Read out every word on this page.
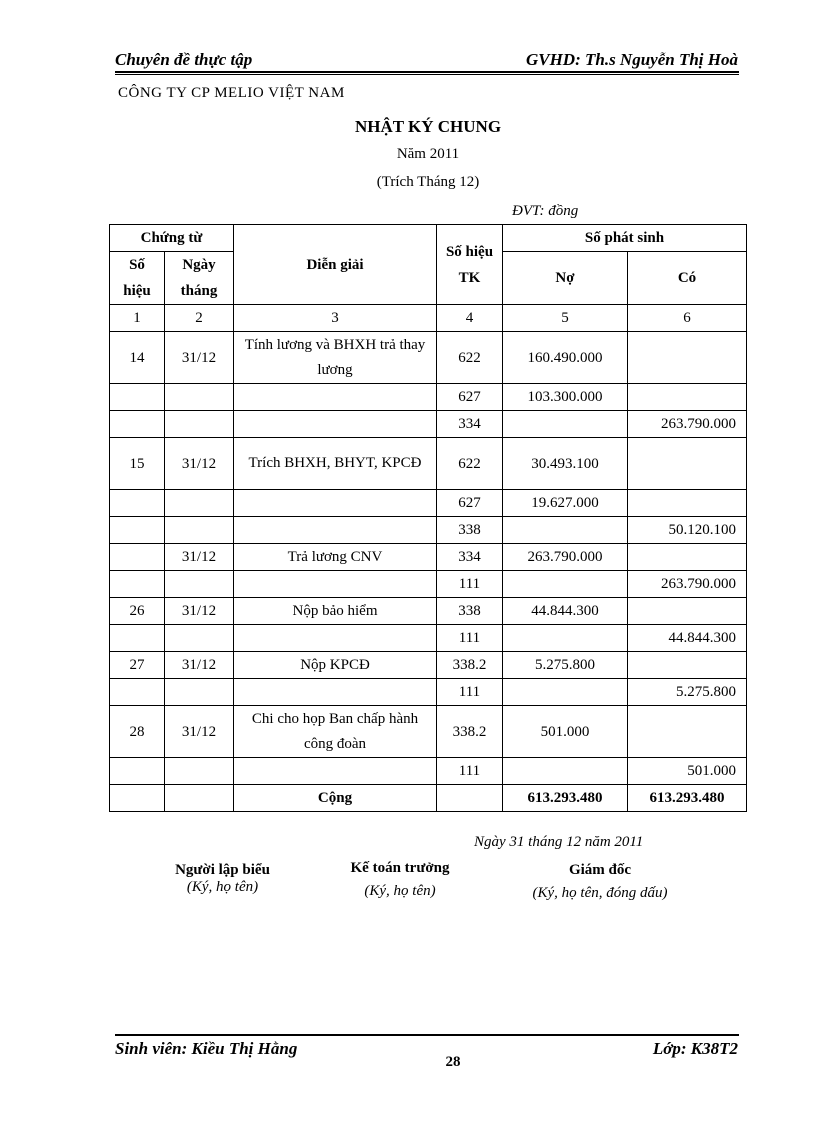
Chuyên đề thực tập	GVHD: Th.s Nguyễn Thị Hoà
CÔNG TY CP MELIO VIỆT NAM
NHẬT KÝ CHUNG
Năm 2011
(Trích Tháng 12)
ĐVT: đồng
Chứng từ		Diễn giải	Số hiệu TK	Số phát sinh	
Số hiệu	Ngày tháng			Nợ	Có
1	2	3	4	5	6
14	31/12	Tính lương và BHXH trả thay lương	622	160.490.000	
			627	103.300.000	
			334		263.790.000
15	31/12	Trích BHXH, BHYT, KPCĐ	622	30.493.100	
			627	19.627.000	
			338		50.120.100
	31/12	Trả lương CNV	334	263.790.000	
			111		263.790.000
26	31/12	Nộp bảo hiểm	338	44.844.300	
			111		44.844.300
27	31/12	Nộp KPCĐ	338.2	5.275.800	
			111		5.275.800
28	31/12	Chi cho họp Ban chấp hành công đoàn	338.2	501.000	
			111		501.000
		Cộng		613.293.480	613.293.480
Ngày 31 tháng 12 năm 2011
Người lập biểu
(Ký, họ tên)
Kế toán trưởng
(Ký, họ tên)
Giám đốc
(Ký, họ tên, đóng dấu)
Sinh viên: Kiều Thị Hằng	Lớp: K38T2
28
